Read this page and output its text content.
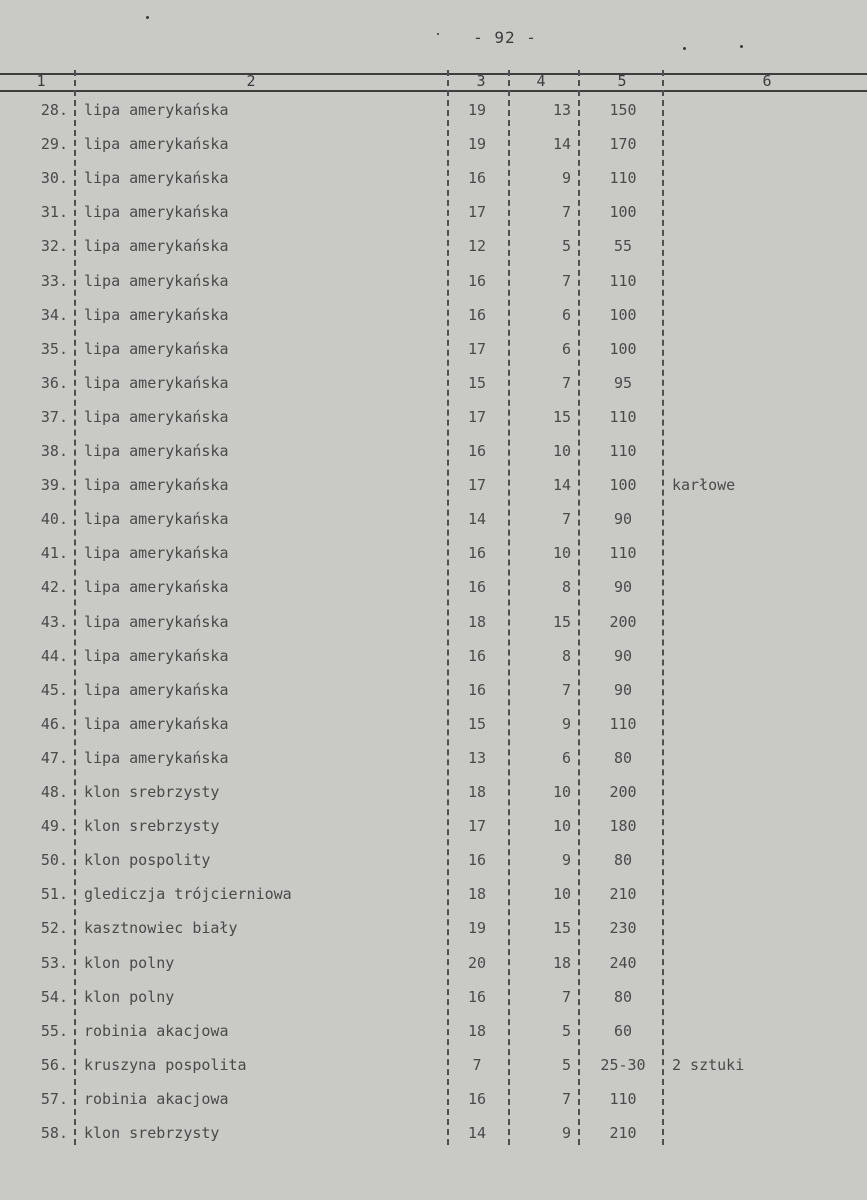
- 92 -
1	2	3	4	5	6
28. lipa amerykańska	19	13	150
29. lipa amerykańska	19	14	170
30. lipa amerykańska	16	9	110
31. lipa amerykańska	17	7	100
32. lipa amerykańska	12	5	55
33. lipa amerykańska	16	7	110
34. lipa amerykańska	16	6	100
35. lipa amerykańska	17	6	100
36. lipa amerykańska	15	7	95
37. lipa amerykańska	17	15	110
38. lipa amerykańska	16	10	110
39. lipa amerykańska	17	14	100	karłowe
40. lipa amerykańska	14	7	90
41. lipa amerykańska	16	10	110
42. lipa amerykańska	16	8	90
43. lipa amerykańska	18	15	200
44. lipa amerykańska	16	8	90
45. lipa amerykańska	16	7	90
46. lipa amerykańska	15	9	110
47. lipa amerykańska	13	6	80
48. klon srebrzysty	18	10	200
49. klon srebrzysty	17	10	180
50. klon pospolity	16	9	80
51. glediczja trójcierniowa	18	10	210
52. kasztnowiec biały	19	15	230
53. klon polny	20	18	240
54. klon polny	16	7	80
55. robinia akacjowa	18	5	60
56. kruszyna pospolita	7	5	25-30	2 sztuki
57. robinia akacjowa	16	7	110
58. klon srebrzysty	14	9	210
